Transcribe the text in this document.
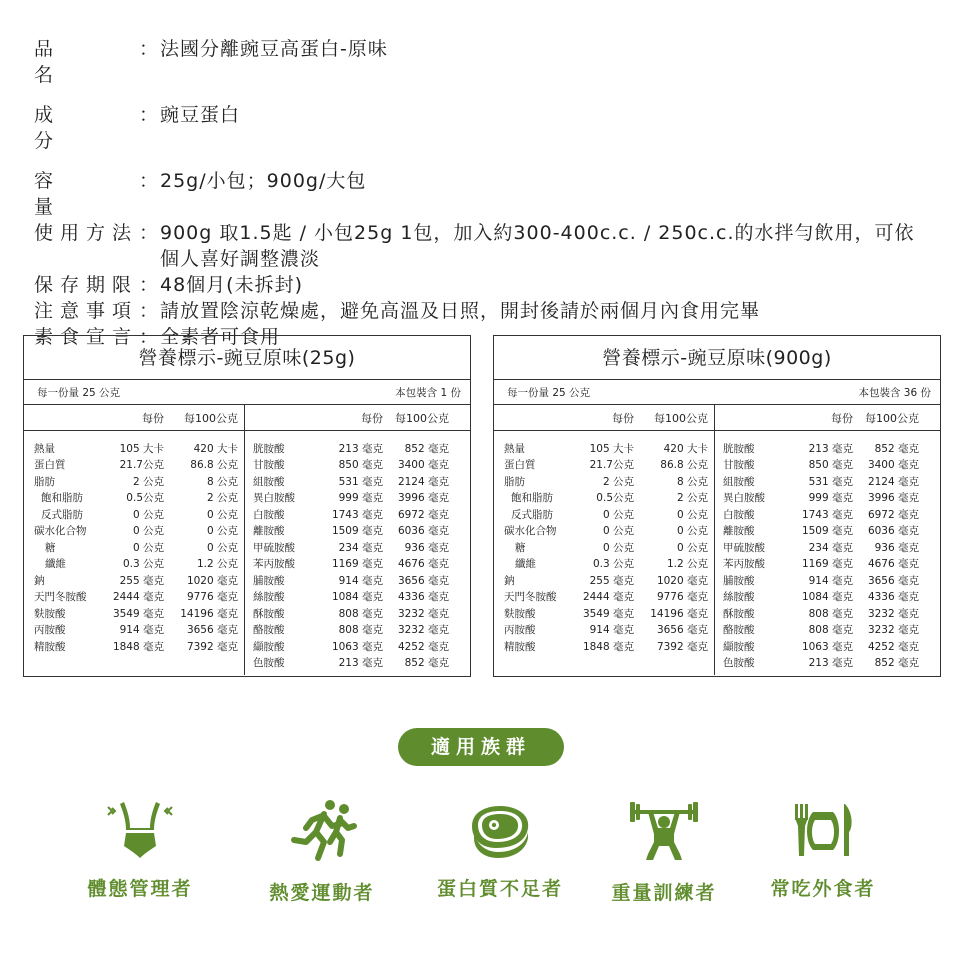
品名
： 法國分離豌豆高蛋白-原味
成分
： 豌豆蛋白
容量
： 25g/小包；900g/大包
使用方法 ： 900g 取1.5匙 / 小包25g 1包，加入約300-400c.c. / 250c.c.的水拌勻飲用，可依個人喜好調整濃淡
保存期限 ： 48個月(未拆封)
注意事項 ： 請放置陰涼乾燥處，避免高溫及日照，開封後請於兩個月內食用完畢
素食宣言 ： 全素者可食用
營養標示-豌豆原味(25g)
每一份量 25 公克	本包裝含 1 份
每份	每100公克
熱量	105 大卡	420 大卡
蛋白質	21.7公克	86.8 公克
脂肪	2 公克	8 公克
飽和脂肪	0.5公克	2 公克
反式脂肪	0 公克	0 公克
碳水化合物	0 公克	0 公克
糖	0 公克	0 公克
纖維	0.3 公克	1.2 公克
鈉	255 毫克	1020 毫克
天門冬胺酸	2444 毫克	9776 毫克
麩胺酸	3549 毫克	14196 毫克
丙胺酸	914 毫克	3656 毫克
精胺酸	1848 毫克	7392 毫克
每份	每100公克
胱胺酸	213 毫克	852 毫克
甘胺酸	850 毫克	3400 毫克
組胺酸	531 毫克	2124 毫克
異白胺酸	999 毫克	3996 毫克
白胺酸	1743 毫克	6972 毫克
離胺酸	1509 毫克	6036 毫克
甲硫胺酸	234 毫克	936 毫克
苯丙胺酸	1169 毫克	4676 毫克
脯胺酸	914 毫克	3656 毫克
絲胺酸	1084 毫克	4336 毫克
酥胺酸	808 毫克	3232 毫克
酪胺酸	808 毫克	3232 毫克
纈胺酸	1063 毫克	4252 毫克
色胺酸	213 毫克	852 毫克
營養標示-豌豆原味(900g)
每一份量 25 公克	本包裝含 36 份
每份	每100公克
熱量	105 大卡	420 大卡
蛋白質	21.7公克	86.8 公克
脂肪	2 公克	8 公克
飽和脂肪	0.5公克	2 公克
反式脂肪	0 公克	0 公克
碳水化合物	0 公克	0 公克
糖	0 公克	0 公克
纖維	0.3 公克	1.2 公克
鈉	255 毫克	1020 毫克
天門冬胺酸	2444 毫克	9776 毫克
麩胺酸	3549 毫克	14196 毫克
丙胺酸	914 毫克	3656 毫克
精胺酸	1848 毫克	7392 毫克
每份	每100公克
胱胺酸	213 毫克	852 毫克
甘胺酸	850 毫克	3400 毫克
組胺酸	531 毫克	2124 毫克
異白胺酸	999 毫克	3996 毫克
白胺酸	1743 毫克	6972 毫克
離胺酸	1509 毫克	6036 毫克
甲硫胺酸	234 毫克	936 毫克
苯丙胺酸	1169 毫克	4676 毫克
脯胺酸	914 毫克	3656 毫克
絲胺酸	1084 毫克	4336 毫克
酥胺酸	808 毫克	3232 毫克
酪胺酸	808 毫克	3232 毫克
纈胺酸	1063 毫克	4252 毫克
色胺酸	213 毫克	852 毫克
適用族群
體態管理者	熱愛運動者	蛋白質不足者	重量訓練者	常吃外食者
